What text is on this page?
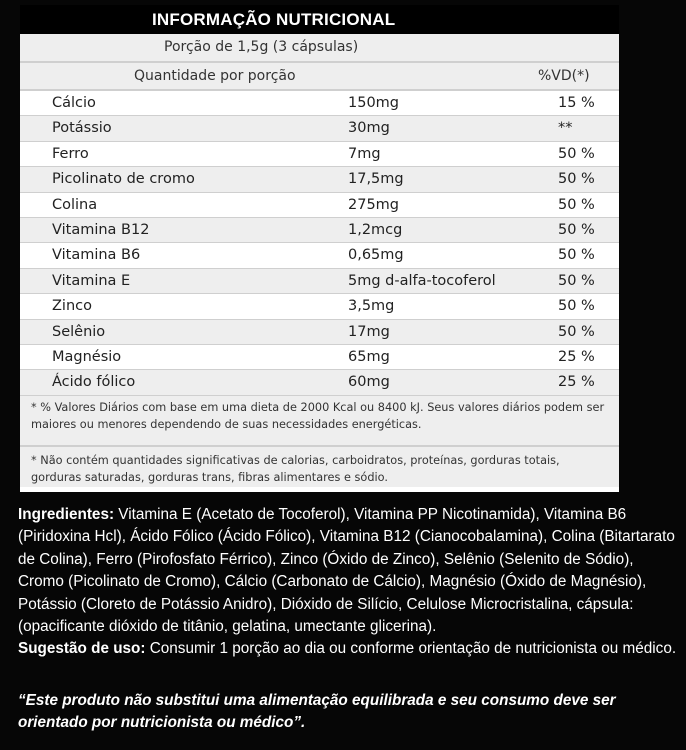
INFORMAÇÃO NUTRICIONAL
Porção de 1,5g (3 cápsulas)
Quantidade por porção	%VD(*)
Cálcio	150mg	15 %
Potássio	30mg	**
Ferro	7mg	50 %
Picolinato de cromo	17,5mg	50 %
Colina	275mg	50 %
Vitamina B12	1,2mcg	50 %
Vitamina B6	0,65mg	50 %
Vitamina E	5mg d-alfa-tocoferol	50 %
Zinco	3,5mg	50 %
Selênio	17mg	50 %
Magnésio	65mg	25 %
Ácido fólico	60mg	25 %
* % Valores Diários com base em uma dieta de 2000 Kcal ou 8400 kJ. Seus valores diários podem ser maiores ou menores dependendo de suas necessidades energéticas.
* Não contém quantidades significativas de calorias, carboidratos, proteínas, gorduras totais, gorduras saturadas, gorduras trans, fibras alimentares e sódio.
Ingredientes: Vitamina E (Acetato de Tocoferol), Vitamina PP Nicotinamida), Vitamina B6 (Piridoxina Hcl), Ácido Fólico (Ácido Fólico), Vitamina B12 (Cianocobalamina), Colina (Bitartarato de Colina), Ferro (Pirofosfato Férrico), Zinco (Óxido de Zinco), Selênio (Selenito de Sódio), Cromo (Picolinato de Cromo), Cálcio (Carbonato de Cálcio), Magnésio (Óxido de Magnésio), Potássio (Cloreto de Potássio Anidro), Dióxido de Silício, Celulose Microcristalina, cápsula: (opacificante dióxido de titânio, gelatina, umectante glicerina).
Sugestão de uso: Consumir 1 porção ao dia ou conforme orientação de nutricionista ou médico.
“Este produto não substitui uma alimentação equilibrada e seu consumo deve ser orientado por nutricionista ou médico”.
